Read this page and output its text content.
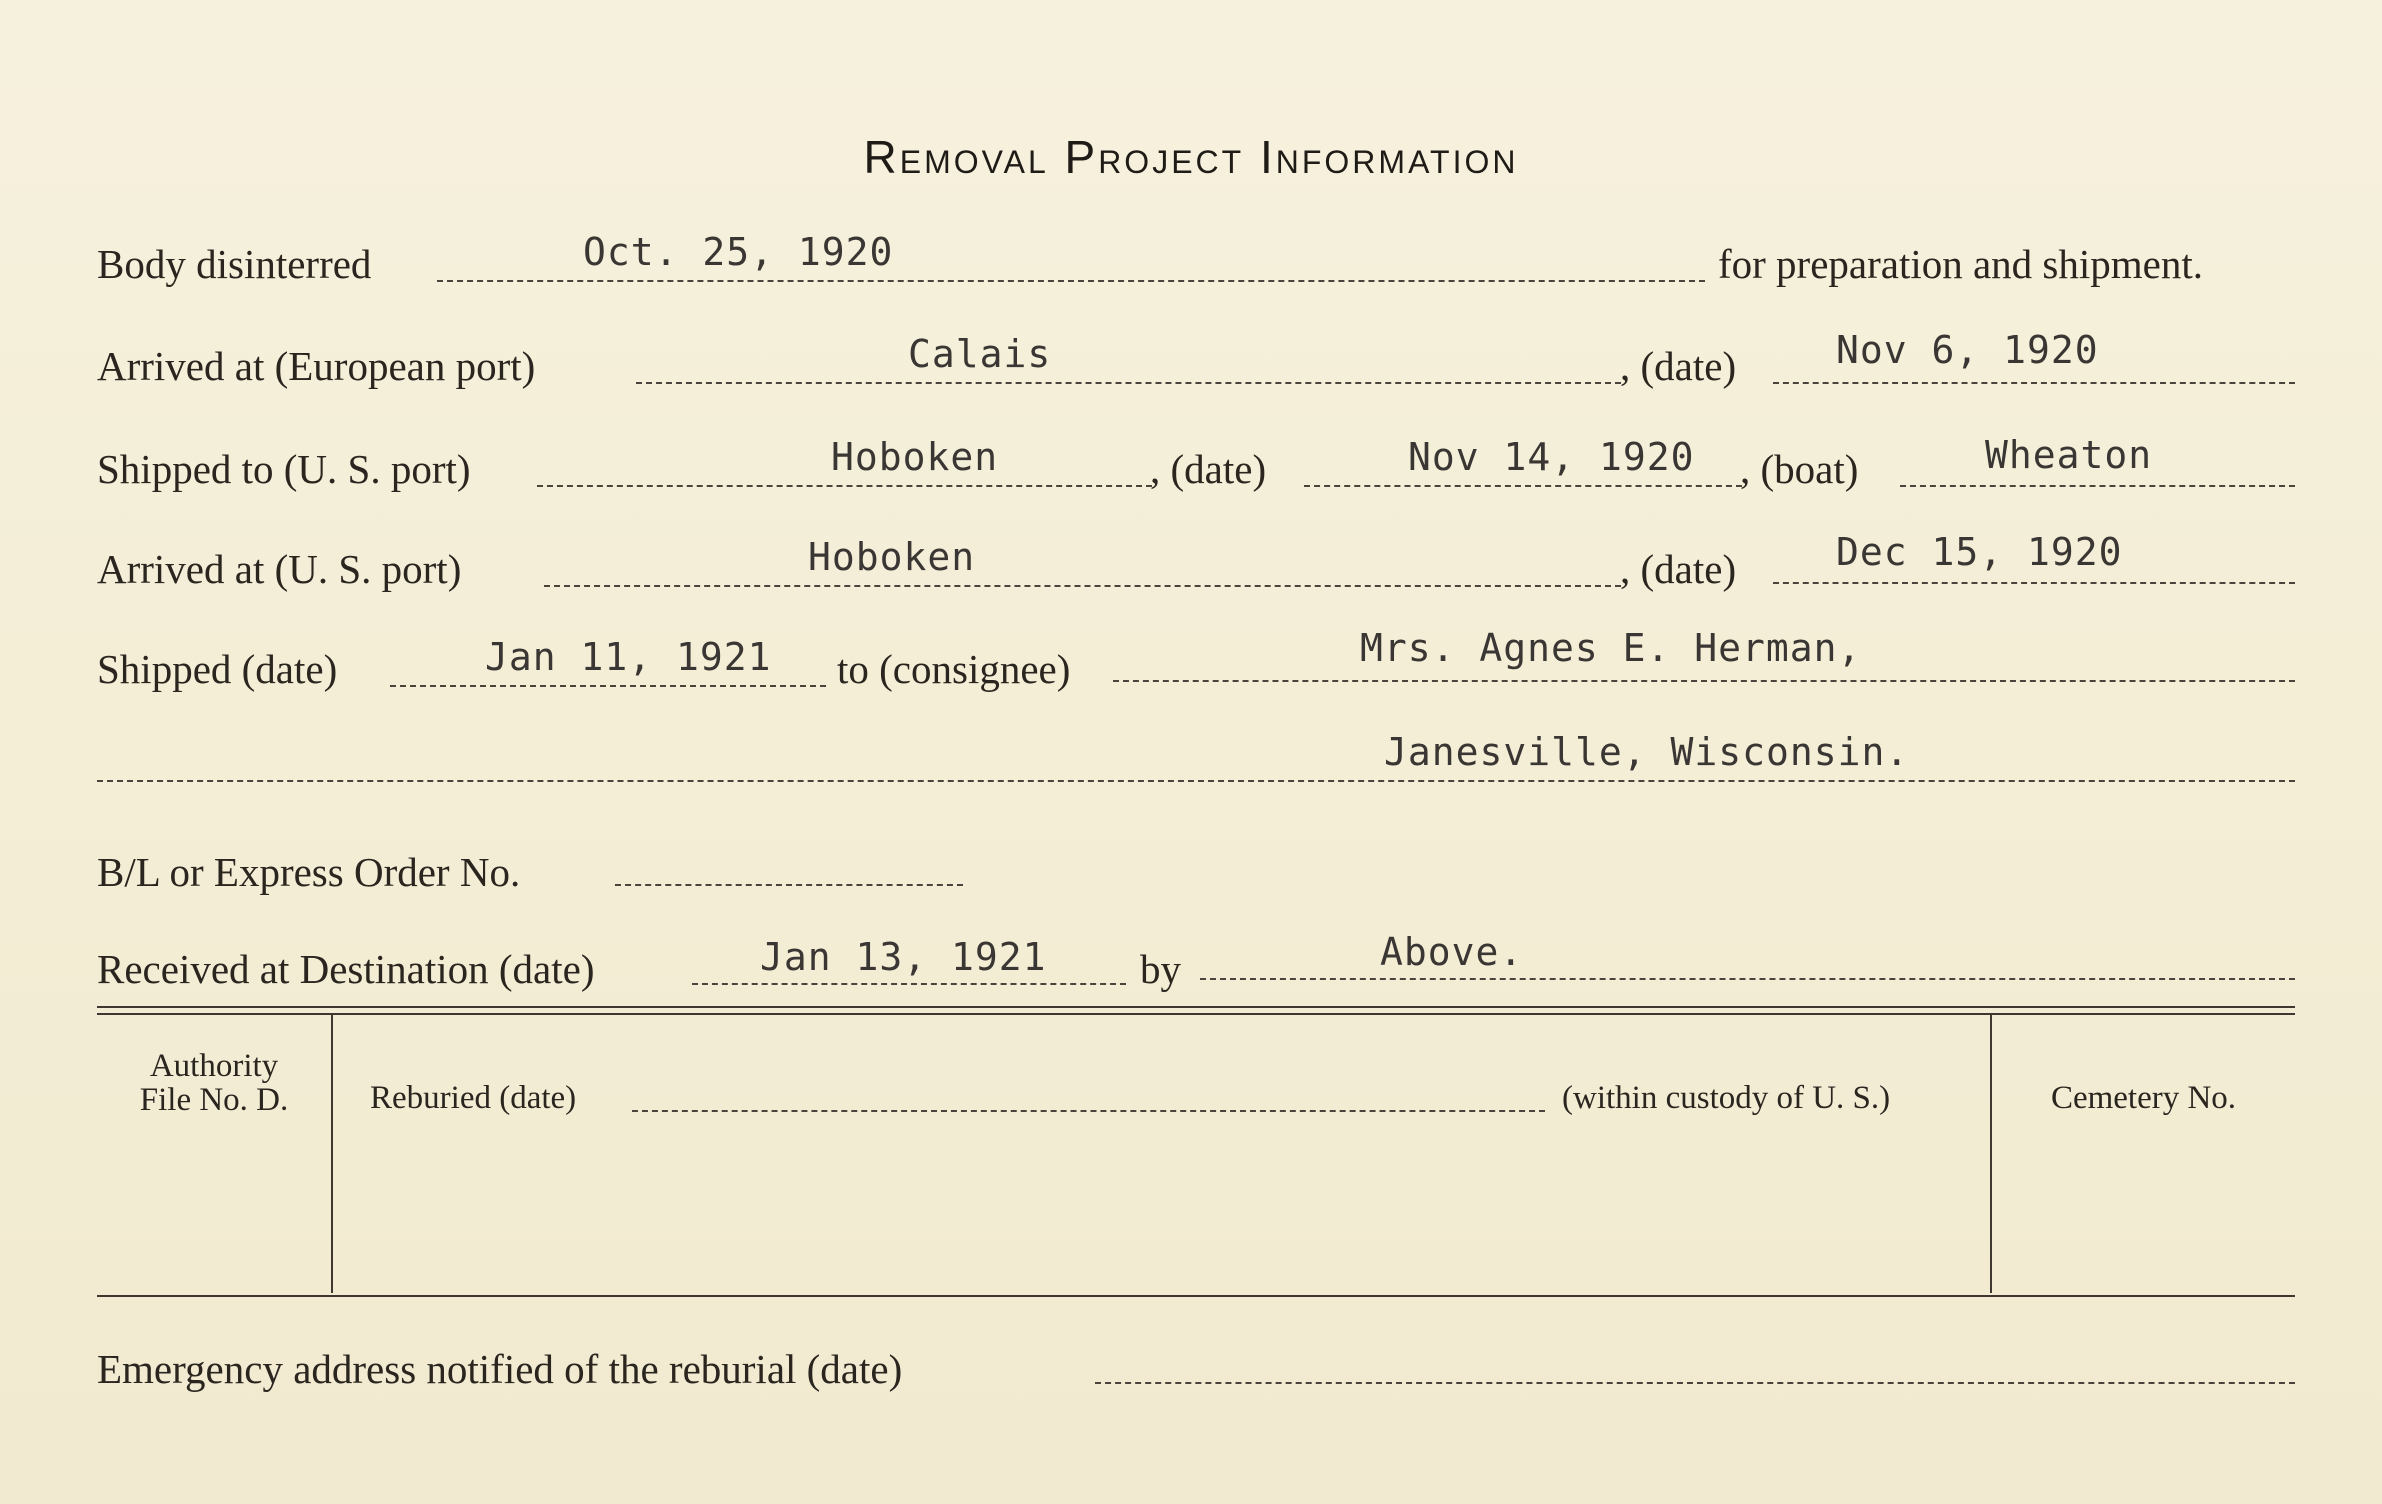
Removal Project Information
Body disinterred	Oct. 25, 1920	for preparation and shipment.
Arrived at (European port)	Calais	, (date)	Nov 6, 1920
Shipped to (U. S. port)	Hoboken	, (date)	Nov 14, 1920 , (boat)	Wheaton
Arrived at (U. S. port)	Hoboken	, (date)	Dec 15, 1920
Shipped (date)	Jan 11, 1921 to (consignee)	Mrs. Agnes E. Herman,
Janesville, Wisconsin.
B/L or Express Order No.
Received at Destination (date)	Jan 13, 1921 by	Above.
Authority
File No. D.	Reburied (date)	(within custody of U. S.)	Cemetery No.
Emergency address notified of the reburial (date)
